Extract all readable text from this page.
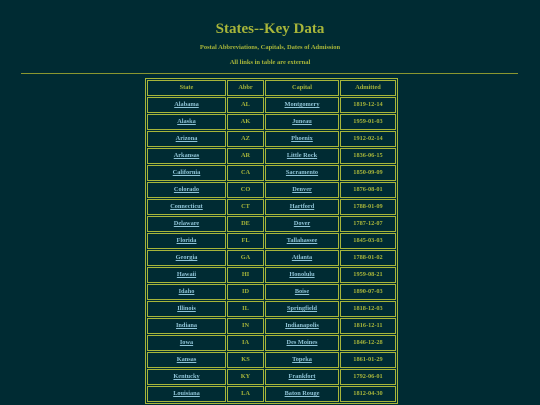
States--Key Data
Postal Abbreviations, Capitals, Dates of Admission
All links in table are external
State	Abbr	Capital	Admitted
Alabama	AL	Montgomery	1819-12-14
Alaska	AK	Juneau	1959-01-03
Arizona	AZ	Phoenix	1912-02-14
Arkansas	AR	Little Rock	1836-06-15
California	CA	Sacramento	1850-09-09
Colorado	CO	Denver	1876-08-01
Connecticut	CT	Hartford	1788-01-09
Delaware	DE	Dover	1787-12-07
Florida	FL	Tallahassee	1845-03-03
Georgia	GA	Atlanta	1788-01-02
Hawaii	HI	Honolulu	1959-08-21
Idaho	ID	Boise	1890-07-03
Illinois	IL	Springfield	1818-12-03
Indiana	IN	Indianapolis	1816-12-11
Iowa	IA	Des Moines	1846-12-28
Kansas	KS	Topeka	1861-01-29
Kentucky	KY	Frankfort	1792-06-01
Louisiana	LA	Baton Rouge	1812-04-30
